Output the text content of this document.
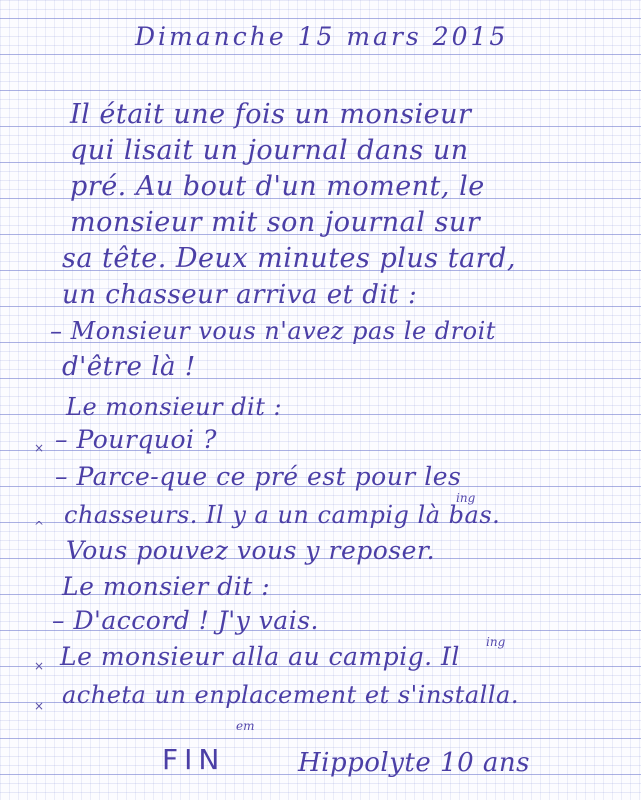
Dimanche 15 mars 2015
Il était une fois un monsieur
qui lisait un journal dans un
pré. Au bout d'un moment, le
monsieur mit son journal sur
sa tête. Deux minutes plus tard,
un chasseur arriva et dit :
– Monsieur vous n'avez pas le droit
d'être là !
Le monsieur dit :
× – Pourquoi ?
– Parce-que ce pré est pour les
^ chasseurs. Il y a un campig là bas.
ing
Vous pouvez vous y reposer.
Le monsier dit :
– D'accord ! J'y vais.
× Le monsieur alla au campig. Il ing
× acheta un enplacement et s'installa.
em
FIN	Hippolyte 10 ans
